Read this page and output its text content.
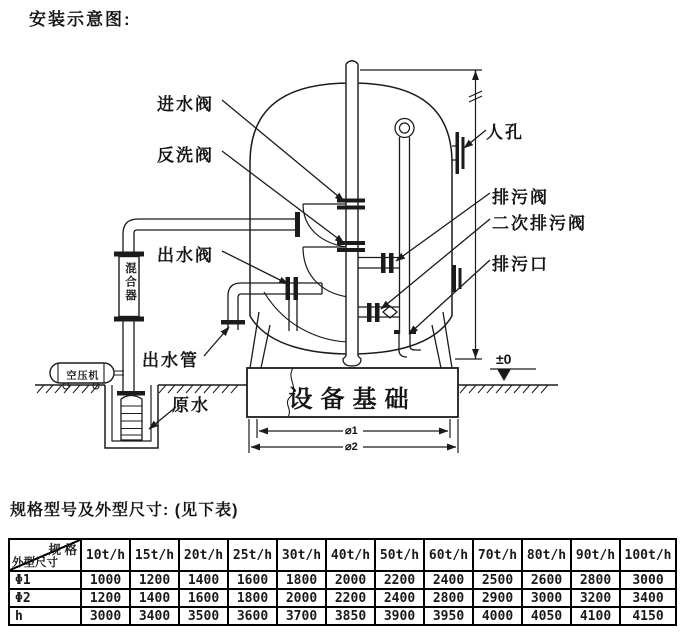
安装示意图:
进水阀
反洗阀
出水阀
出水管
原水
人孔
排污阀
二次排污阀
排污口
混合器
空压机
设备基础
±0
⌀1
⌀2
规格型号及外型尺寸: (见下表)
规 格
外型尺寸	10t/h	15t/h	20t/h	25t/h	30t/h	40t/h	50t/h	60t/h	70t/h	80t/h	90t/h	100t/h
Φ1	1000	1200	1400	1600	1800	2000	2200	2400	2500	2600	2800	3000
Φ2	1200	1400	1600	1800	2000	2200	2400	2800	2900	3000	3200	3400
h	3000	3400	3500	3600	3700	3850	3900	3950	4000	4050	4100	4150
